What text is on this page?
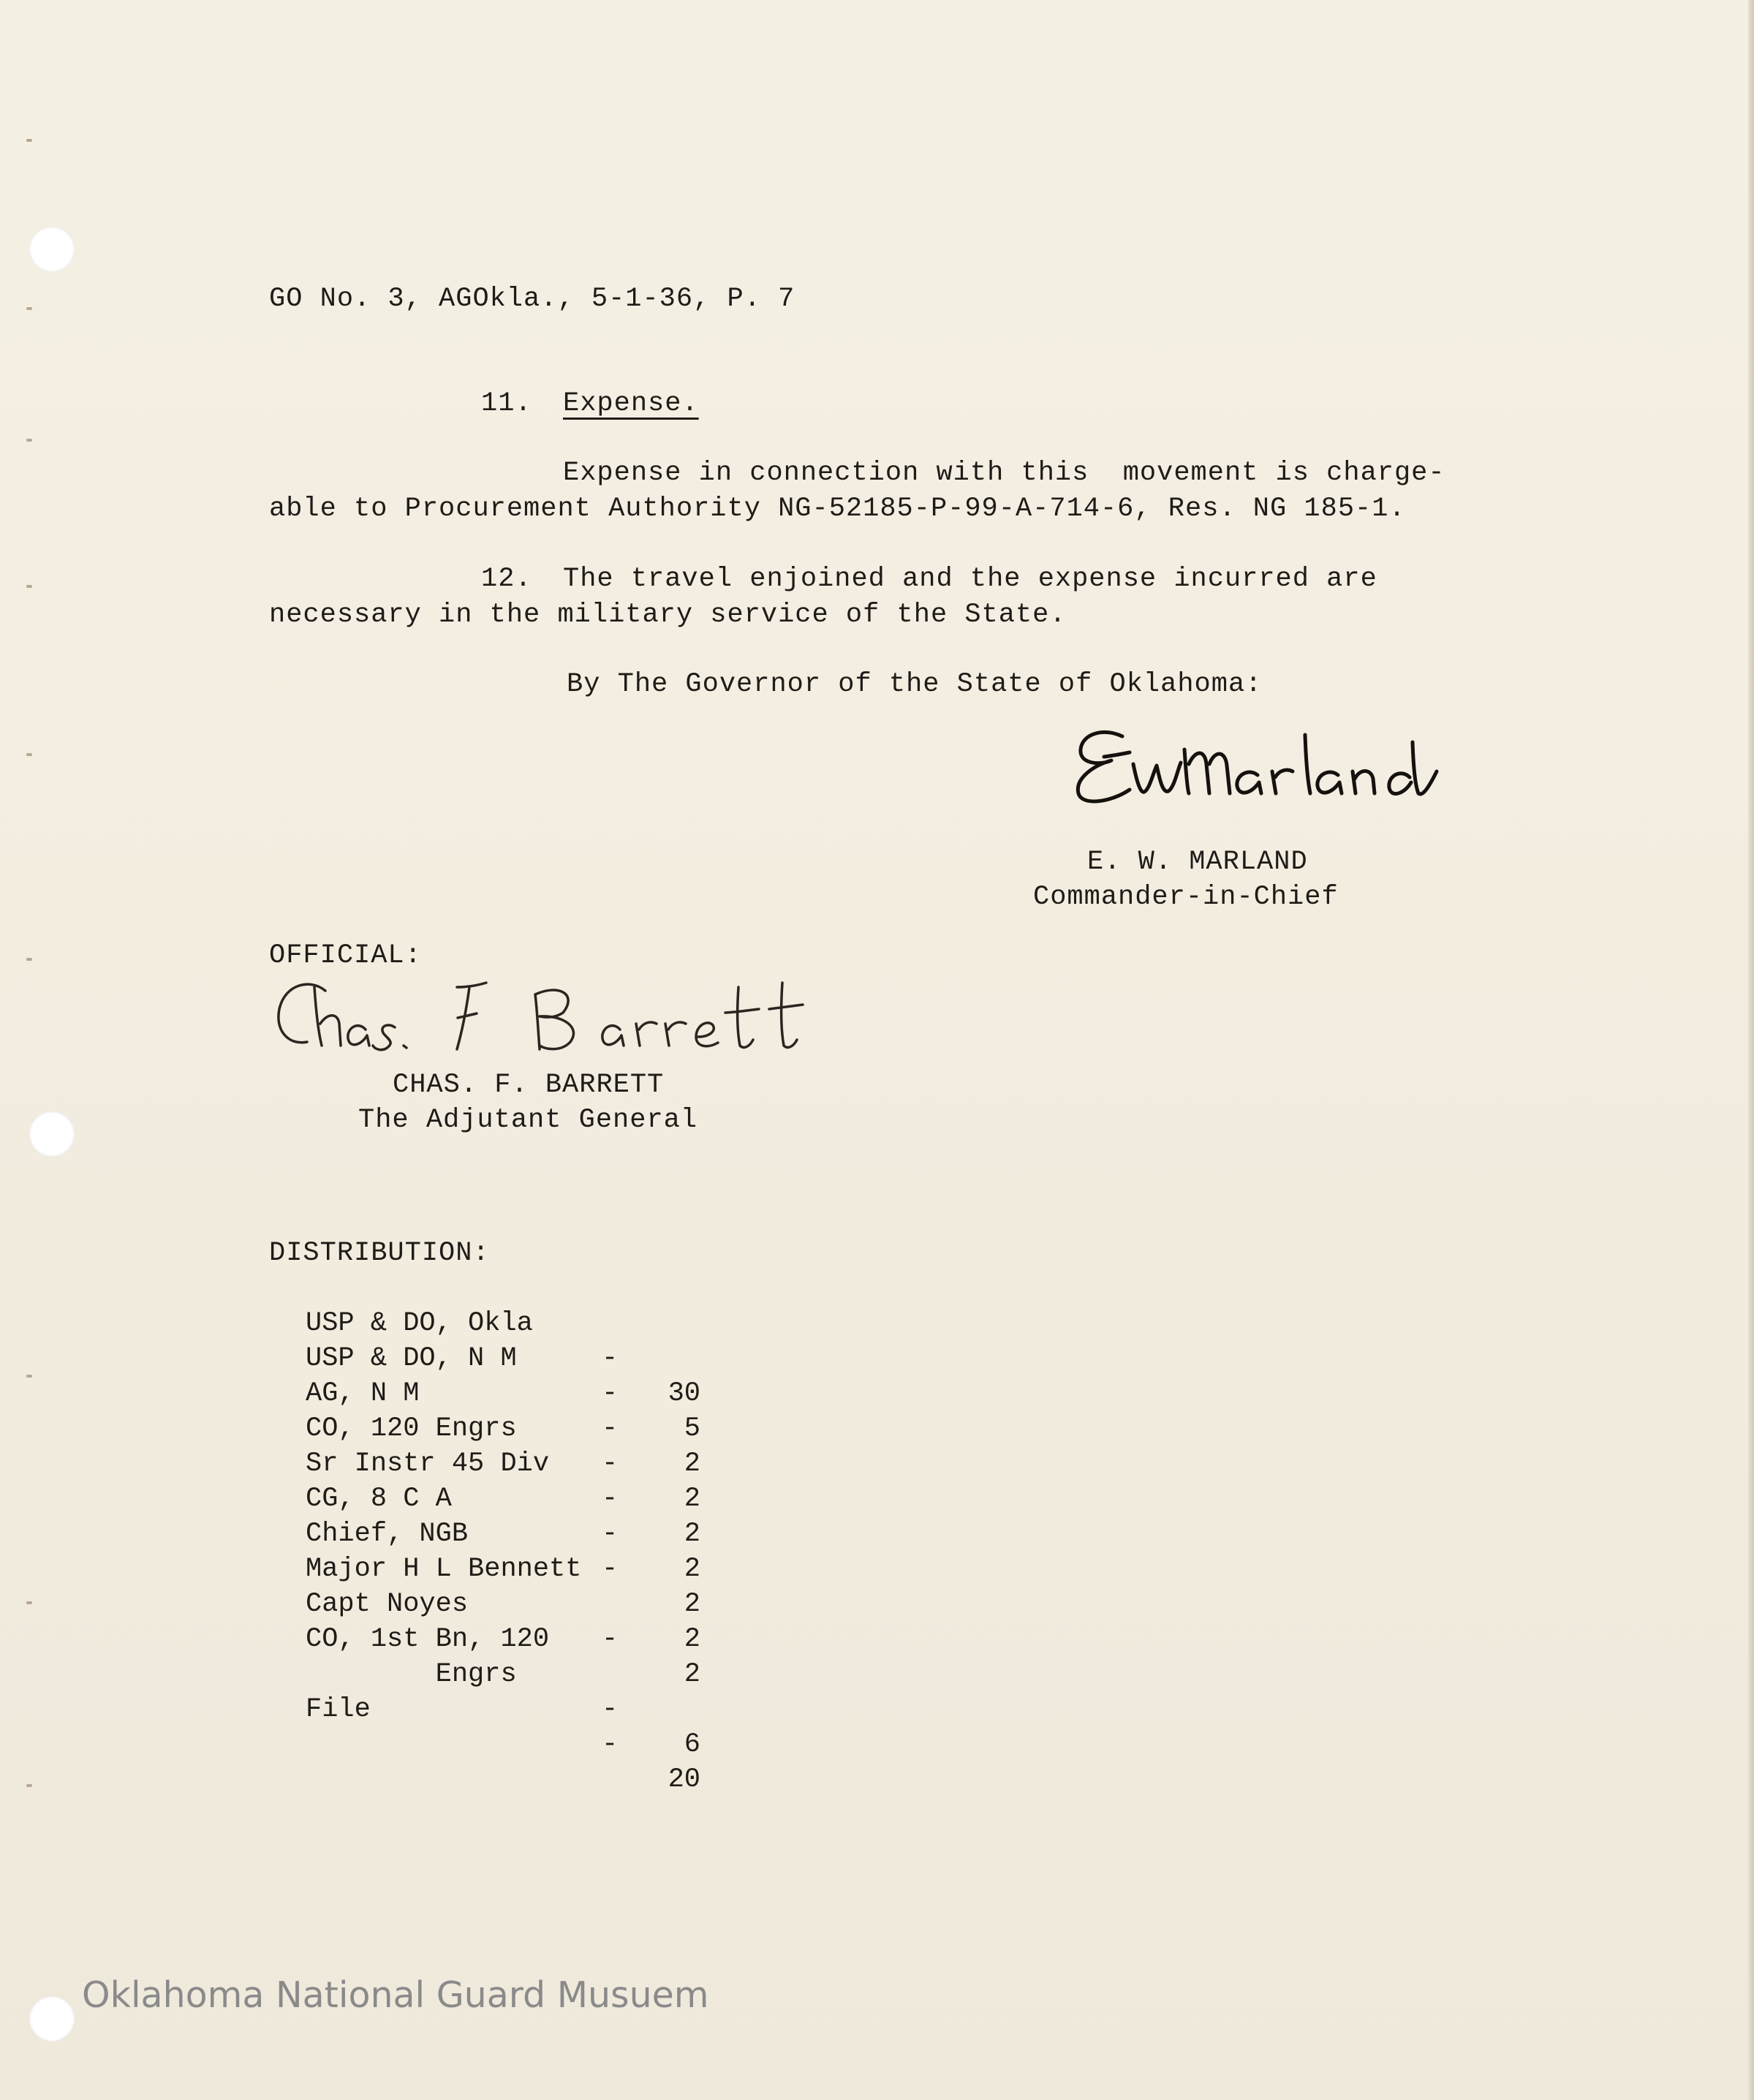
GO No. 3, AGOkla., 5-1-36, P. 7
11. Expense.
Expense in connection with this  movement is charge-
able to Procurement Authority NG-52185-P-99-A-714-6, Res. NG 185-1.
12. The travel enjoined and the expense incurred are
necessary in the military service of the State.
By The Governor of the State of Oklahoma:
E. W. MARLAND
Commander-in-Chief
OFFICIAL:
CHAS. F. BARRETT
The Adjutant General
DISTRIBUTION:

USP & DO, Okla

-

30

USP & DO, N M

-

5

AG, N M

-

2

CO, 120 Engrs

-

2

Sr Instr 45 Div

-

2

CG, 8 C A

-

2

Chief, NGB

-

2

Major H L Bennett

2

Capt Noyes

-

2

CO, 1st Bn, 120

Engrs

-

6

File

-

20

Oklahoma National Guard Musuem
